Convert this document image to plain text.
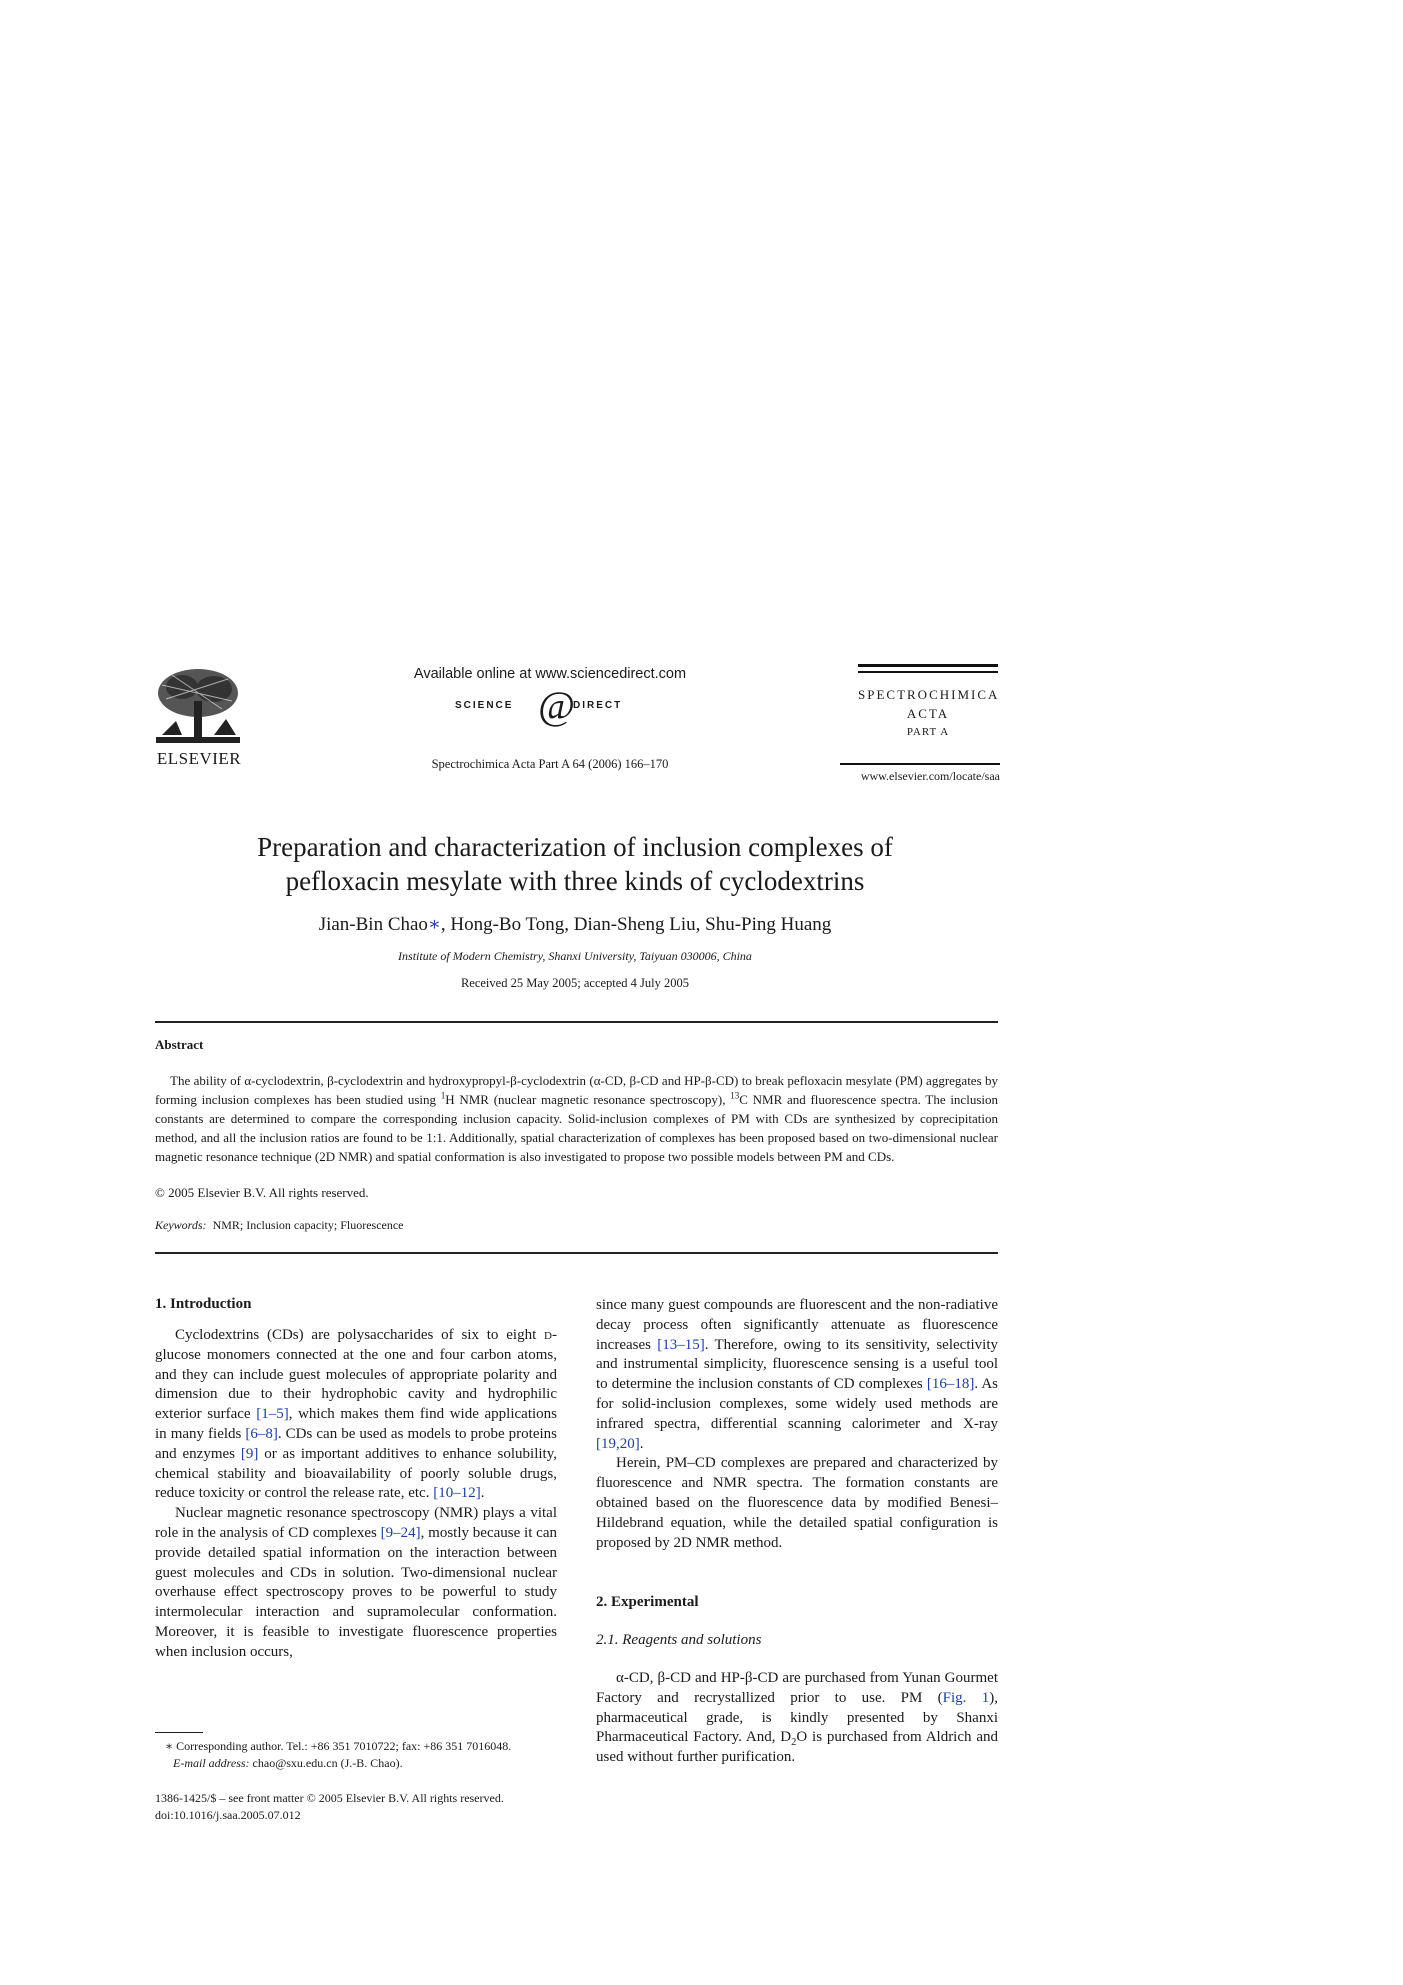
ELSEVIER
Available online at www.sciencedirect.com
SCIENCE @
DIRECT
Spectrochimica Acta Part A 64 (2006) 166–170
SPECTROCHIMICA
ACTA
PART A
www.elsevier.com/locate/saa
Preparation and characterization of inclusion complexes of
pefloxacin mesylate with three kinds of cyclodextrins
Jian-Bin Chao∗, Hong-Bo Tong, Dian-Sheng Liu, Shu-Ping Huang
Institute of Modern Chemistry, Shanxi University, Taiyuan 030006, China
Received 25 May 2005; accepted 4 July 2005
Abstract
The ability of α-cyclodextrin, β-cyclodextrin and hydroxypropyl-β-cyclodextrin (α-CD, β-CD and HP-β-CD) to break pefloxacin mesylate (PM) aggregates by forming inclusion complexes has been studied using $^1$H NMR (nuclear magnetic resonance spectroscopy), $^{13}$C NMR and fluorescence spectra. The inclusion constants are determined to compare the corresponding inclusion capacity. Solid-inclusion complexes of PM with CDs are synthesized by coprecipitation method, and all the inclusion ratios are found to be 1:1. Additionally, spatial characterization of complexes has been proposed based on two-dimensional nuclear magnetic resonance technique (2D NMR) and spatial conformation is also investigated to propose two possible models between PM and CDs.
© 2005 Elsevier B.V. All rights reserved.
Keywords: NMR; Inclusion capacity; Fluorescence
1. Introduction

Cyclodextrins (CDs) are polysaccharides of six to eight d-glucose monomers connected at the one and four carbon atoms, and they can include guest molecules of appropriate polarity and dimension due to their hydrophobic cavity and hydrophilic exterior surface [1–5], which makes them find wide applications in many fields [6–8]. CDs can be used as models to probe proteins and enzymes [9] or as important additives to enhance solubility, chemical stability and bioavailability of poorly soluble drugs, reduce toxicity or control the release rate, etc. [10–12].

Nuclear magnetic resonance spectroscopy (NMR) plays a vital role in the analysis of CD complexes [9–24], mostly because it can provide detailed spatial information on the interaction between guest molecules and CDs in solution. Two-dimensional nuclear overhause effect spectroscopy proves to be powerful to study intermolecular interaction and supramolecular conformation. Moreover, it is feasible to investigate fluorescence properties when inclusion occurs,

since many guest compounds are fluorescent and the non-radiative decay process often significantly attenuate as fluorescence increases [13–15]. Therefore, owing to its sensitivity, selectivity and instrumental simplicity, fluorescence sensing is a useful tool to determine the inclusion constants of CD complexes [16–18]. As for solid-inclusion complexes, some widely used methods are infrared spectra, differential scanning calorimeter and X-ray [19,20].

Herein, PM–CD complexes are prepared and characterized by fluorescence and NMR spectra. The formation constants are obtained based on the fluorescence data by modified Benesi–Hildebrand equation, while the detailed spatial configuration is proposed by 2D NMR method.

2. Experimental
2.1. Reagents and solutions

α-CD, β-CD and HP-β-CD are purchased from Yunan Gourmet Factory and recrystallized prior to use. PM (Fig. 1), pharmaceutical grade, is kindly presented by Shanxi Pharmaceutical Factory. And, $D_2O$ is purchased from Aldrich and used without further purification.

∗ Corresponding author. Tel.: +86 351 7010722; fax: +86 351 7016048.
E-mail address: chao@sxu.edu.cn (J.-B. Chao).
1386-1425/$ – see front matter © 2005 Elsevier B.V. All rights reserved.
doi:10.1016/j.saa.2005.07.012
